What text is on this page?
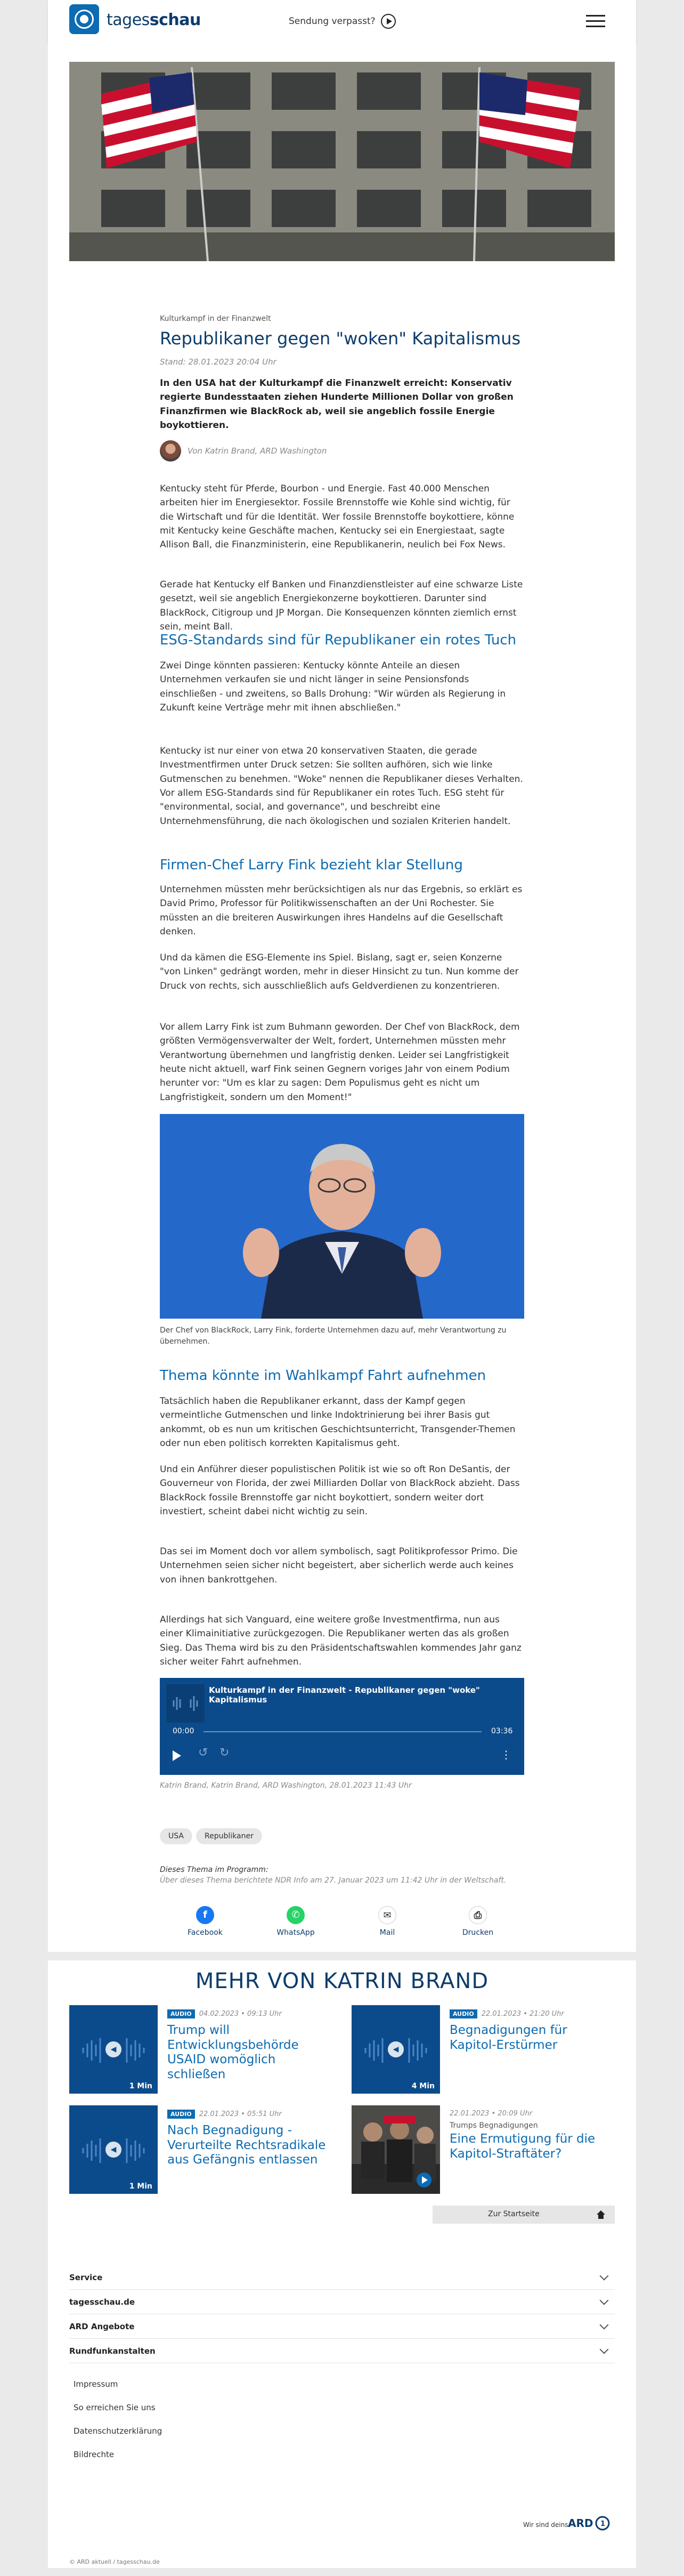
tagesschau	Sendung verpasst?
Kulturkampf in der Finanzwelt
Republikaner gegen "woken" Kapitalismus
Stand: 28.01.2023 20:04 Uhr
In den USA hat der Kulturkampf die Finanzwelt erreicht: Konservativ regierte Bundesstaaten ziehen Hunderte Millionen Dollar von großen Finanzfirmen wie BlackRock ab, weil sie angeblich fossile Energie boykottieren.
Von Katrin Brand, ARD Washington
Kentucky steht für Pferde, Bourbon - und Energie. Fast 40.000 Menschen arbeiten hier im Energiesektor. Fossile Brennstoffe wie Kohle sind wichtig, für die Wirtschaft und für die Identität. Wer fossile Brennstoffe boykottiere, könne mit Kentucky keine Geschäfte machen, Kentucky sei ein Energiestaat, sagte Allison Ball, die Finanzministerin, eine Republikanerin, neulich bei Fox News.
Gerade hat Kentucky elf Banken und Finanzdienstleister auf eine schwarze Liste gesetzt, weil sie angeblich Energiekonzerne boykottieren. Darunter sind BlackRock, Citigroup und JP Morgan. Die Konsequenzen könnten ziemlich ernst sein, meint Ball.
ESG-Standards sind für Republikaner ein rotes Tuch
Zwei Dinge könnten passieren: Kentucky könnte Anteile an diesen Unternehmen verkaufen sie und nicht länger in seine Pensionsfonds einschließen - und zweitens, so Balls Drohung: "Wir würden als Regierung in Zukunft keine Verträge mehr mit ihnen abschließen."
Kentucky ist nur einer von etwa 20 konservativen Staaten, die gerade Investmentfirmen unter Druck setzen: Sie sollten aufhören, sich wie linke Gutmenschen zu benehmen. "Woke" nennen die Republikaner dieses Verhalten. Vor allem ESG-Standards sind für Republikaner ein rotes Tuch. ESG steht für "environmental, social, and governance", und beschreibt eine Unternehmensführung, die nach ökologischen und sozialen Kriterien handelt.
Firmen-Chef Larry Fink bezieht klar Stellung
Unternehmen müssten mehr berücksichtigen als nur das Ergebnis, so erklärt es David Primo, Professor für Politikwissenschaften an der Uni Rochester. Sie müssten an die breiteren Auswirkungen ihres Handelns auf die Gesellschaft denken.
Und da kämen die ESG-Elemente ins Spiel. Bislang, sagt er, seien Konzerne "von Linken" gedrängt worden, mehr in dieser Hinsicht zu tun. Nun komme der Druck von rechts, sich ausschließlich aufs Geldverdienen zu konzentrieren.
Vor allem Larry Fink ist zum Buhmann geworden. Der Chef von BlackRock, dem größten Vermögensverwalter der Welt, fordert, Unternehmen müssten mehr Verantwortung übernehmen und langfristig denken. Leider sei Langfristigkeit heute nicht aktuell, warf Fink seinen Gegnern voriges Jahr von einem Podium herunter vor: "Um es klar zu sagen: Dem Populismus geht es nicht um Langfristigkeit, sondern um den Moment!"
Der Chef von BlackRock, Larry Fink, forderte Unternehmen dazu auf, mehr Verantwortung zu übernehmen.
Thema könnte im Wahlkampf Fahrt aufnehmen
Tatsächlich haben die Republikaner erkannt, dass der Kampf gegen vermeintliche Gutmenschen und linke Indoktrinierung bei ihrer Basis gut ankommt, ob es nun um kritischen Geschichtsunterricht, Transgender-Themen oder nun eben politisch korrekten Kapitalismus geht.
Und ein Anführer dieser populistischen Politik ist wie so oft Ron DeSantis, der Gouverneur von Florida, der zwei Milliarden Dollar von BlackRock abzieht. Dass BlackRock fossile Brennstoffe gar nicht boykottiert, sondern weiter dort investiert, scheint dabei nicht wichtig zu sein.
Das sei im Moment doch vor allem symbolisch, sagt Politikprofessor Primo. Die Unternehmen seien sicher nicht begeistert, aber sicherlich werde auch keines von ihnen bankrottgehen.
Allerdings hat sich Vanguard, eine weitere große Investmentfirma, nun aus einer Klimainitiative zurückgezogen. Die Republikaner werten das als großen Sieg. Das Thema wird bis zu den Präsidentschaftswahlen kommendes Jahr ganz sicher weiter Fahrt aufnehmen.
Kulturkampf in der Finanzwelt - Republikaner gegen "woke" Kapitalismus
00:00	03:36
↺ ↻	⋮
Katrin Brand, Katrin Brand, ARD Washington, 28.01.2023 11:43 Uhr
USA	Republikaner
Dieses Thema im Programm:
Über dieses Thema berichtete NDR Info am 27. Januar 2023 um 11:42 Uhr in der Weltschaft.
f
Facebook
✆
WhatsApp
✉
Mail
⎙
Drucken
MEHR VON KATRIN BRAND
◀
1 Min
AUDIO	04.02.2023 • 09:13 Uhr
Trump will Entwicklungsbehörde USAID womöglich schließen
◀
4 Min
AUDIO	22.01.2023 • 21:20 Uhr
Begnadigungen für Kapitol-Erstürmer
◀
1 Min
AUDIO	22.01.2023 • 05:51 Uhr
Nach Begnadigung - Verurteilte Rechtsradikale aus Gefängnis entlassen
22.01.2023 • 20:09 Uhr
Trumps Begnadigungen
Eine Ermutigung für die Kapitol-Straftäter?
Zur Startseite
Service
tagesschau.de
ARD Angebote
Rundfunkanstalten
Impressum
So erreichen Sie uns
Datenschutzerklärung
Bildrechte
Wir sind deins.
ARD 1
© ARD aktuell / tagesschau.de
